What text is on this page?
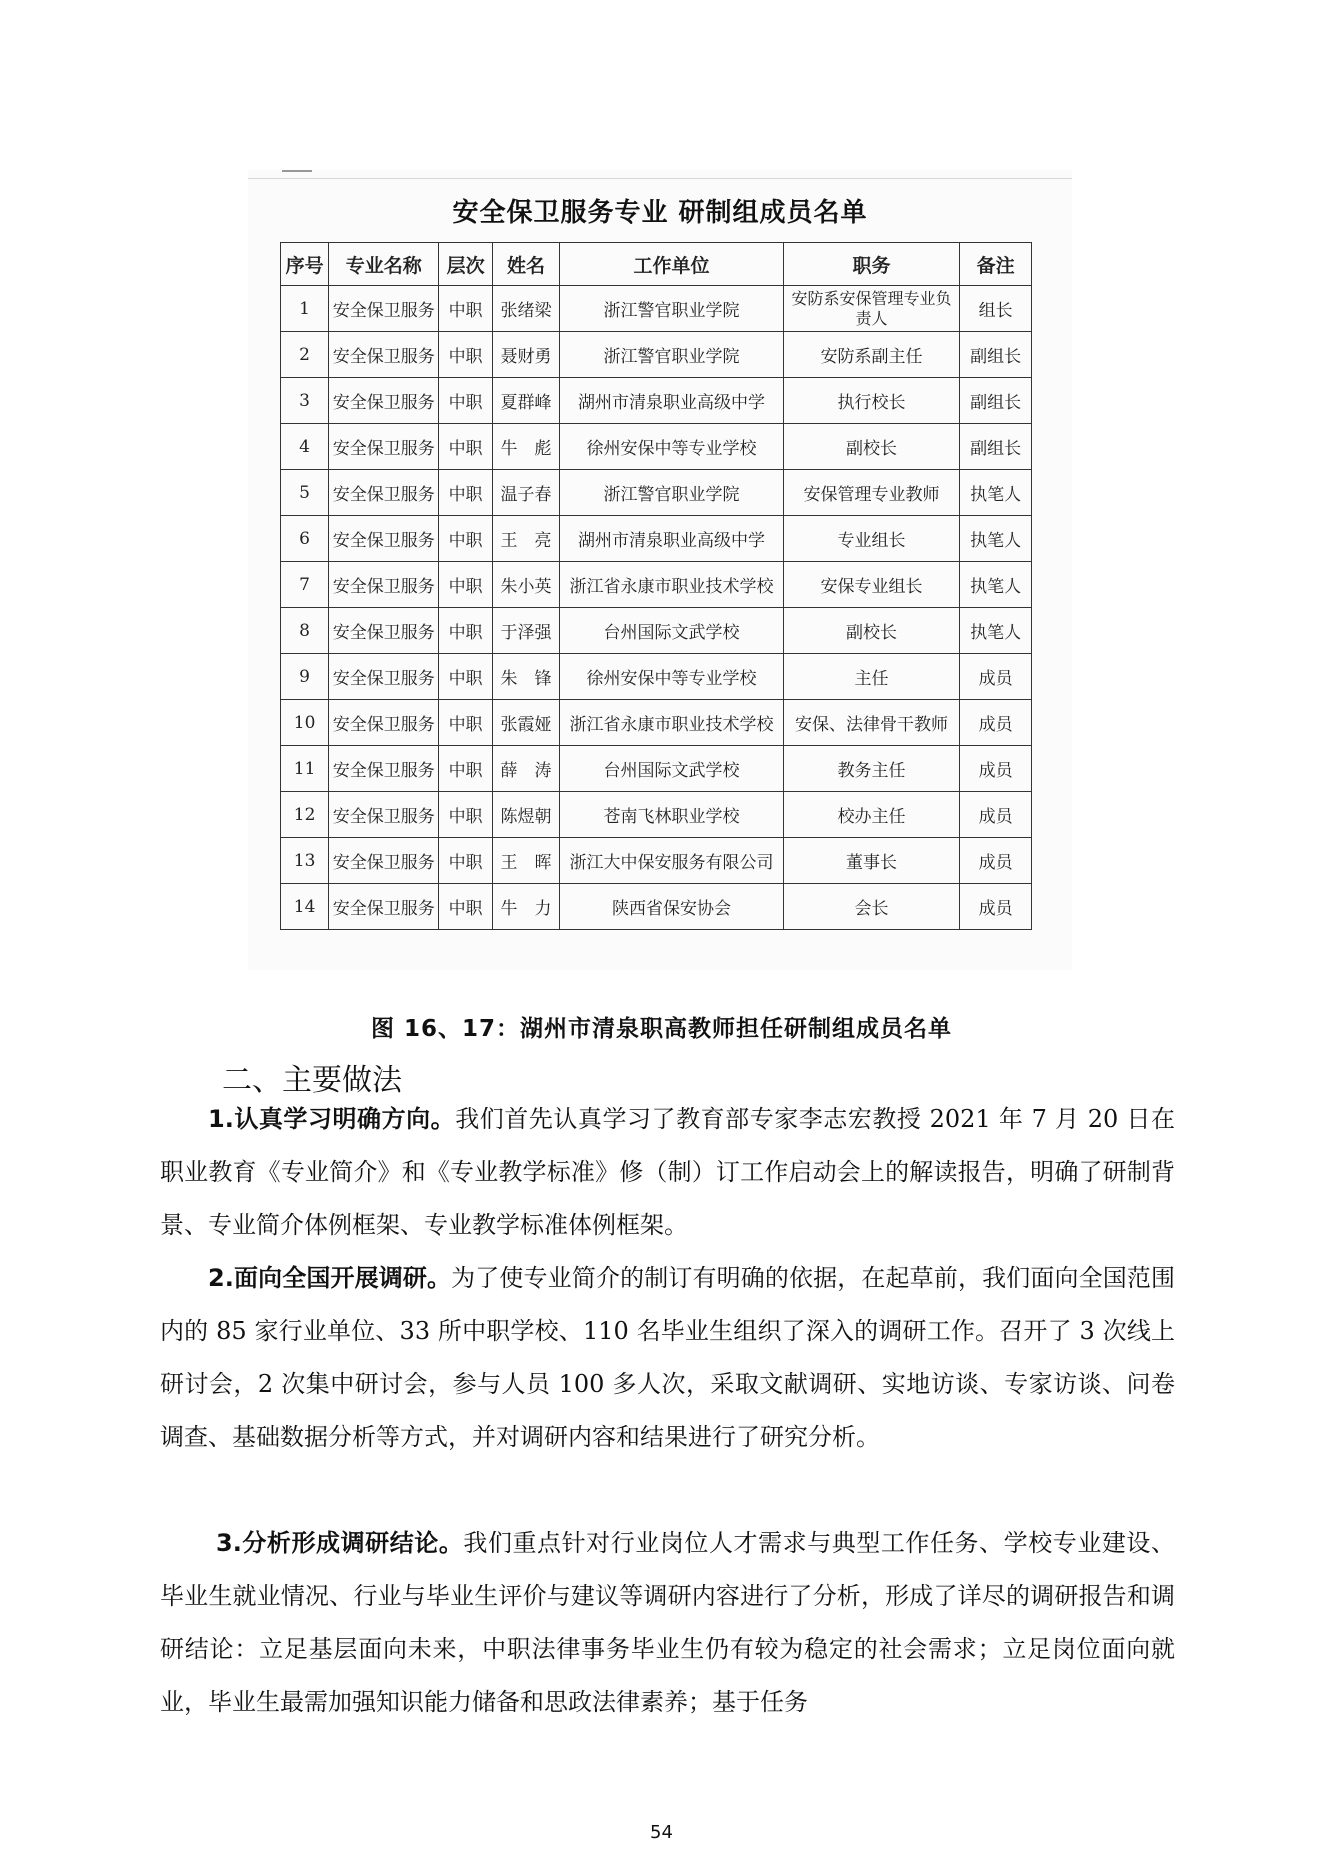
安全保卫服务专业 研制组成员名单
序号	专业名称	层次	姓名	工作单位	职务	备注
1	安全保卫服务	中职	张绪梁	浙江警官职业学院	安防系安保管理专业负责人	组长
2	安全保卫服务	中职	聂财勇	浙江警官职业学院	安防系副主任	副组长
3	安全保卫服务	中职	夏群峰	湖州市清泉职业高级中学	执行校长	副组长
4	安全保卫服务	中职	牛　彪	徐州安保中等专业学校	副校长	副组长
5	安全保卫服务	中职	温子春	浙江警官职业学院	安保管理专业教师	执笔人
6	安全保卫服务	中职	王　亮	湖州市清泉职业高级中学	专业组长	执笔人
7	安全保卫服务	中职	朱小英	浙江省永康市职业技术学校	安保专业组长	执笔人
8	安全保卫服务	中职	于泽强	台州国际文武学校	副校长	执笔人
9	安全保卫服务	中职	朱　锋	徐州安保中等专业学校	主任	成员
10	安全保卫服务	中职	张霞娅	浙江省永康市职业技术学校	安保、法律骨干教师	成员
11	安全保卫服务	中职	薛　涛	台州国际文武学校	教务主任	成员
12	安全保卫服务	中职	陈煜朝	苍南飞林职业学校	校办主任	成员
13	安全保卫服务	中职	王　晖	浙江大中保安服务有限公司	董事长	成员
14	安全保卫服务	中职	牛　力	陕西省保安协会	会长	成员
图 16、17：湖州市清泉职高教师担任研制组成员名单
二、主要做法

1.认真学习明确方向。我们首先认真学习了教育部专家李志宏教授 2021 年 7 月 20 日在职业教育《专业简介》和《专业教学标准》修（制）订工作启动会上的解读报告，明确了研制背景、专业简介体例框架、专业教学标准体例框架。

2.面向全国开展调研。为了使专业简介的制订有明确的依据，在起草前，我们面向全国范围内的 85 家行业单位、33 所中职学校、110 名毕业生组织了深入的调研工作。召开了 3 次线上研讨会，2 次集中研讨会，参与人员 100 多人次，采取文献调研、实地访谈、专家访谈、问卷调查、基础数据分析等方式，并对调研内容和结果进行了研究分析。

3.分析形成调研结论。我们重点针对行业岗位人才需求与典型工作任务、学校专业建设、毕业生就业情况、行业与毕业生评价与建议等调研内容进行了分析，形成了详尽的调研报告和调研结论：立足基层面向未来，中职法律事务毕业生仍有较为稳定的社会需求；立足岗位面向就业，毕业生最需加强知识能力储备和思政法律素养；基于任务

54
